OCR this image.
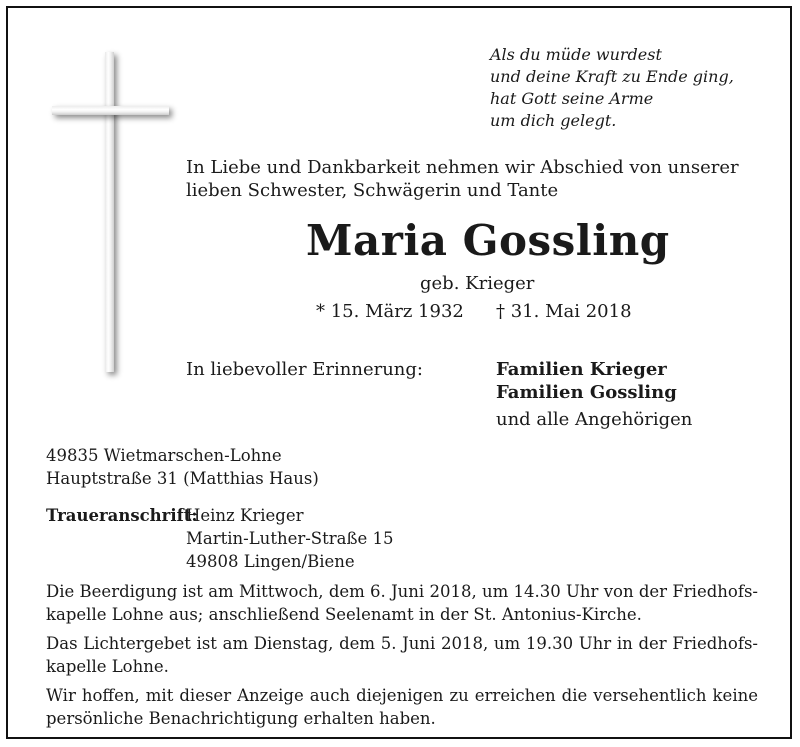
Als du müde wurdest
und deine Kraft zu Ende ging,
hat Gott seine Arme
um dich gelegt.
In Liebe und Dankbarkeit nehmen wir Abschied von unserer
lieben Schwester, Schwägerin und Tante
Maria Gossling
geb. Krieger
* 15. März 1932 † 31. Mai 2018
In liebevoller Erinnerung:	Familien Krieger
Familien Gossling
und alle Angehörigen
49835 Wietmarschen-Lohne
Hauptstraße 31 (Matthias Haus)
Traueranschrift:
Heinz Krieger
Martin-Luther-Straße 15
49808 Lingen/Biene
Die Beerdigung ist am Mittwoch, dem 6. Juni 2018, um 14.30 Uhr von der Friedhofs-kapelle Lohne aus; anschließend Seelenamt in der St. Antonius-Kirche.
Das Lichtergebet ist am Dienstag, dem 5. Juni 2018, um 19.30 Uhr in der Friedhofs-kapelle Lohne.
Wir hoffen, mit dieser Anzeige auch diejenigen zu erreichen die versehentlich keine persönliche Benachrichtigung erhalten haben.
